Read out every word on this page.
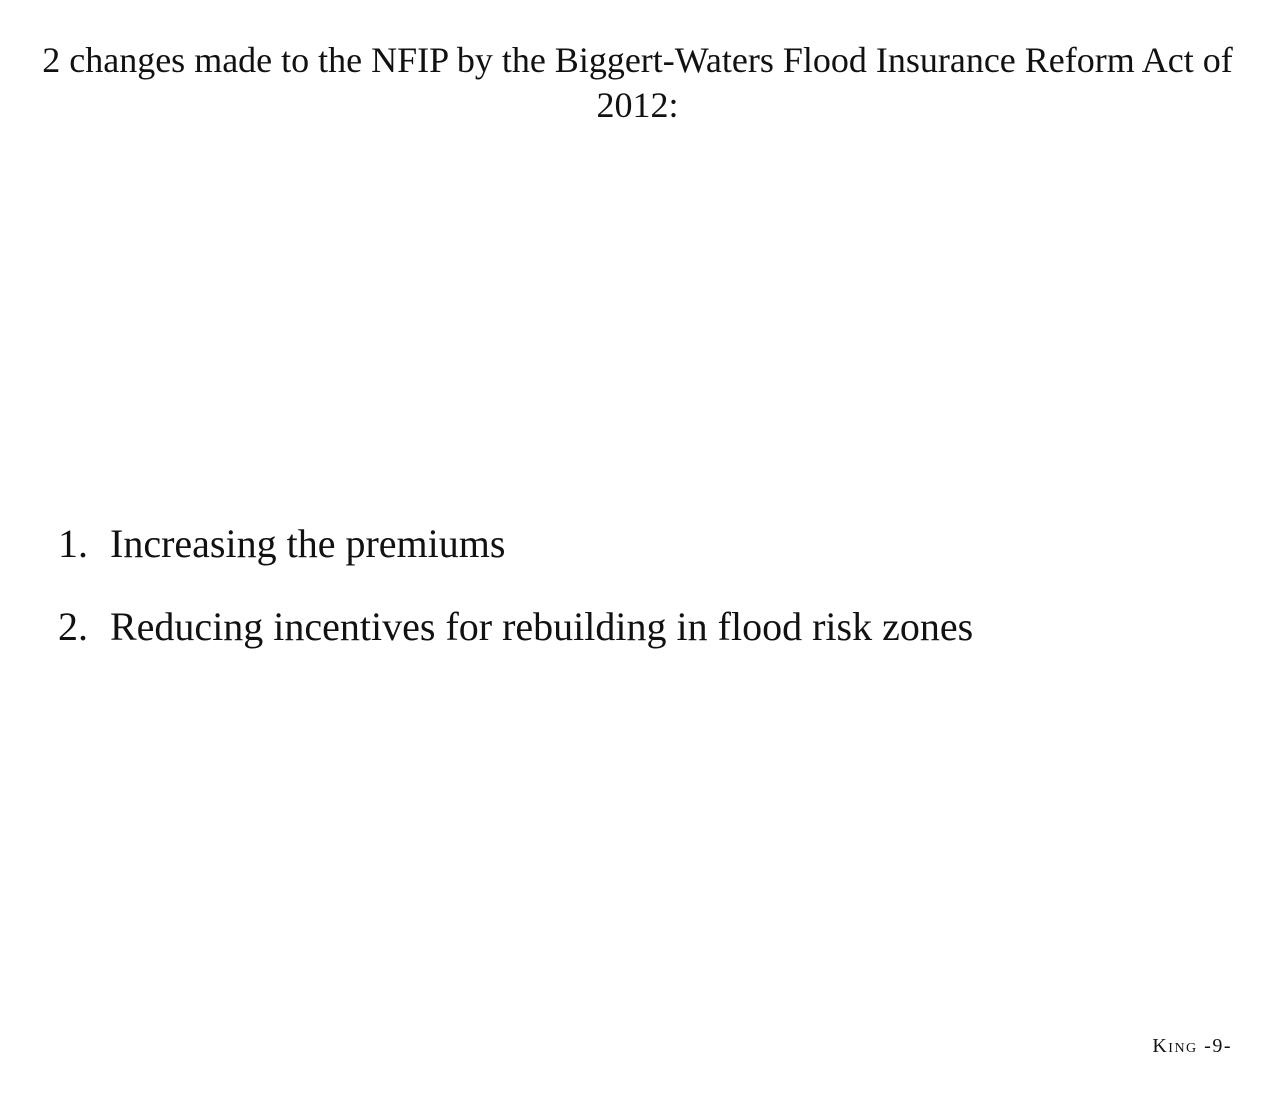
2 changes made to the NFIP by the Biggert-Waters Flood Insurance Reform Act of 2012:
1. Increasing the premiums
2. Reducing incentives for rebuilding in flood risk zones
King -9-
